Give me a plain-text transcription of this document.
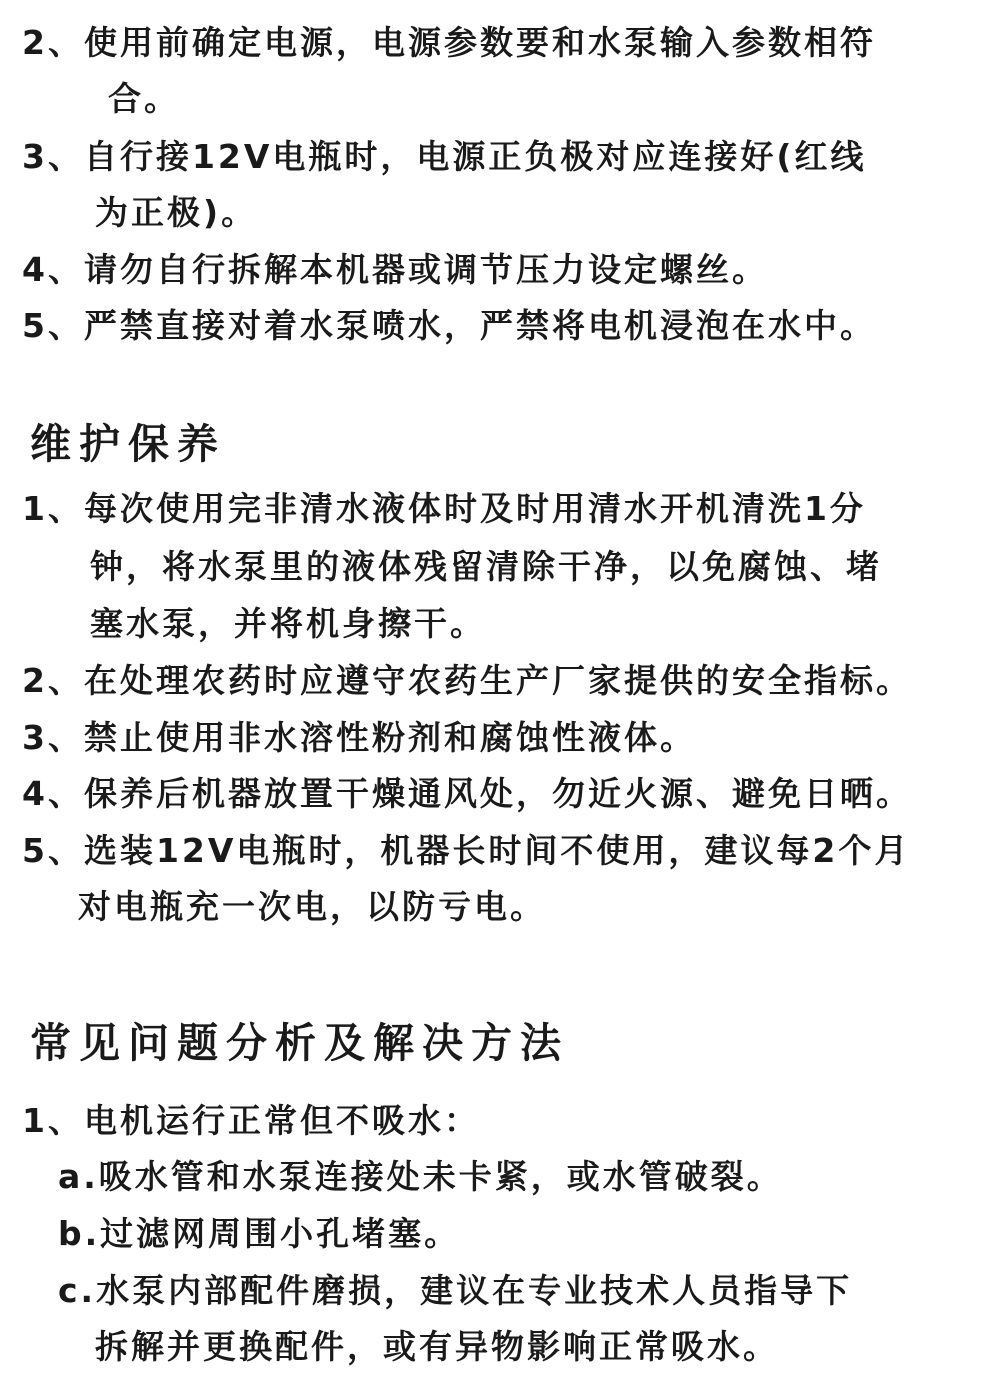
2、使用前确定电源，电源参数要和水泵输入参数相符
合。
3、自行接12V电瓶时，电源正负极对应连接好(红线
为正极)。
4、请勿自行拆解本机器或调节压力设定螺丝。
5、严禁直接对着水泵喷水，严禁将电机浸泡在水中。
维护保养
1、每次使用完非清水液体时及时用清水开机清洗1分
钟，将水泵里的液体残留清除干净，以免腐蚀、堵
塞水泵，并将机身擦干。
2、在处理农药时应遵守农药生产厂家提供的安全指标。
3、禁止使用非水溶性粉剂和腐蚀性液体。
4、保养后机器放置干燥通风处，勿近火源、避免日晒。
5、选装12V电瓶时，机器长时间不使用，建议每2个月
对电瓶充一次电，以防亏电。
常见问题分析及解决方法
1、电机运行正常但不吸水：
a.吸水管和水泵连接处未卡紧，或水管破裂。
b.过滤网周围小孔堵塞。
c.水泵内部配件磨损，建议在专业技术人员指导下
拆解并更换配件，或有异物影响正常吸水。
